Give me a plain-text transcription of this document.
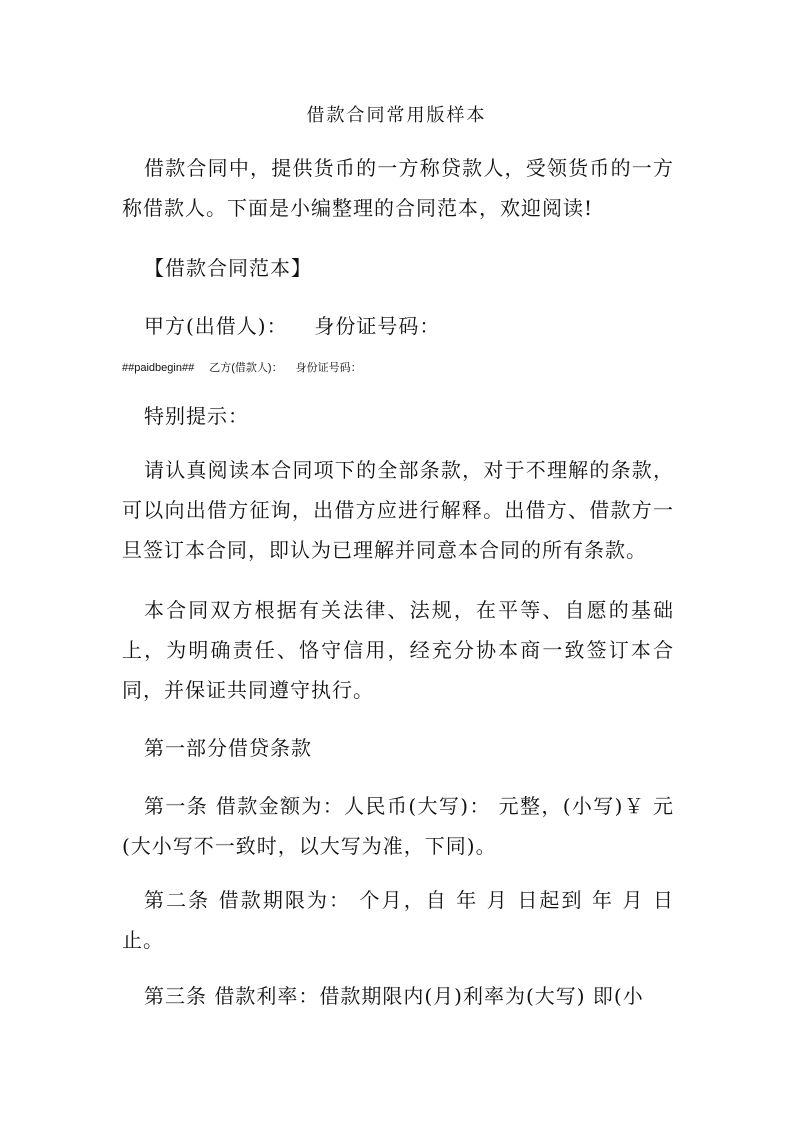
借款合同常用版样本

借款合同中，提供货币的一方称贷款人，受领货币的一方称借款人。下面是小编整理的合同范本，欢迎阅读!

【借款合同范本】

甲方(出借人)： 身份证号码：

##paidbegin## 乙方(借款人)： 身份证号码：

特别提示：

请认真阅读本合同项下的全部条款，对于不理解的条款，可以向出借方征询，出借方应进行解释。出借方、借款方一旦签订本合同，即认为已理解并同意本合同的所有条款。

本合同双方根据有关法律、法规，在平等、自愿的基础上，为明确责任、恪守信用，经充分协本商一致签订本合同，并保证共同遵守执行。

第一部分借贷条款

第一条 借款金额为：人民币(大写)： 元整，(小写)￥ 元(大小写不一致时，以大写为准，下同)。

第二条 借款期限为： 个月，自 年 月 日起到 年 月 日止。

第三条 借款利率：借款期限内(月)利率为(大写) 即(小
